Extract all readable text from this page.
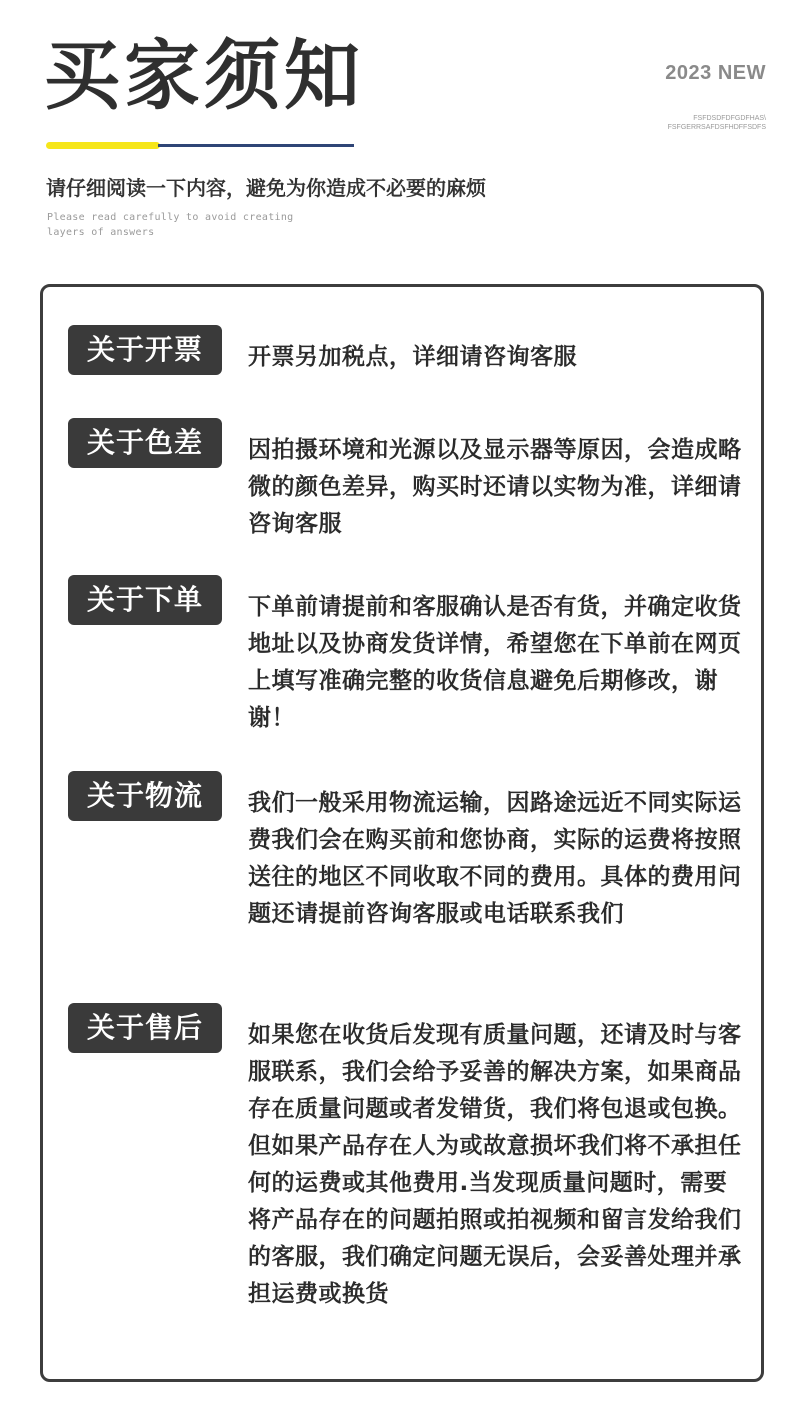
买家须知	2023 NEW
FSFDSDFDFGDFHAS\
FSFGERRSAFDSFHDFFSDFS
请仔细阅读一下内容，避免为你造成不必要的麻烦
Please read carefully to avoid creating layers of answers
关于开票	开票另加税点，详细请咨询客服
关于色差	因拍摄环境和光源以及显示器等原因，会造成略微的颜色差异，购买时还请以实物为准，详细请咨询客服
关于下单	下单前请提前和客服确认是否有货，并确定收货地址以及协商发货详情，希望您在下单前在网页上填写准确完整的收货信息避免后期修改，谢谢！
关于物流	我们一般采用物流运输，因路途远近不同实际运费我们会在购买前和您协商，实际的运费将按照送往的地区不同收取不同的费用。具体的费用问题还请提前咨询客服或电话联系我们
关于售后	如果您在收货后发现有质量问题，还请及时与客服联系，我们会给予妥善的解决方案，如果商品存在质量问题或者发错货，我们将包退或包换。但如果产品存在人为或故意损坏我们将不承担任何的运费或其他费用.当发现质量问题时，需要将产品存在的问题拍照或拍视频和留言发给我们的客服，我们确定问题无误后，会妥善处理并承担运费或换货
